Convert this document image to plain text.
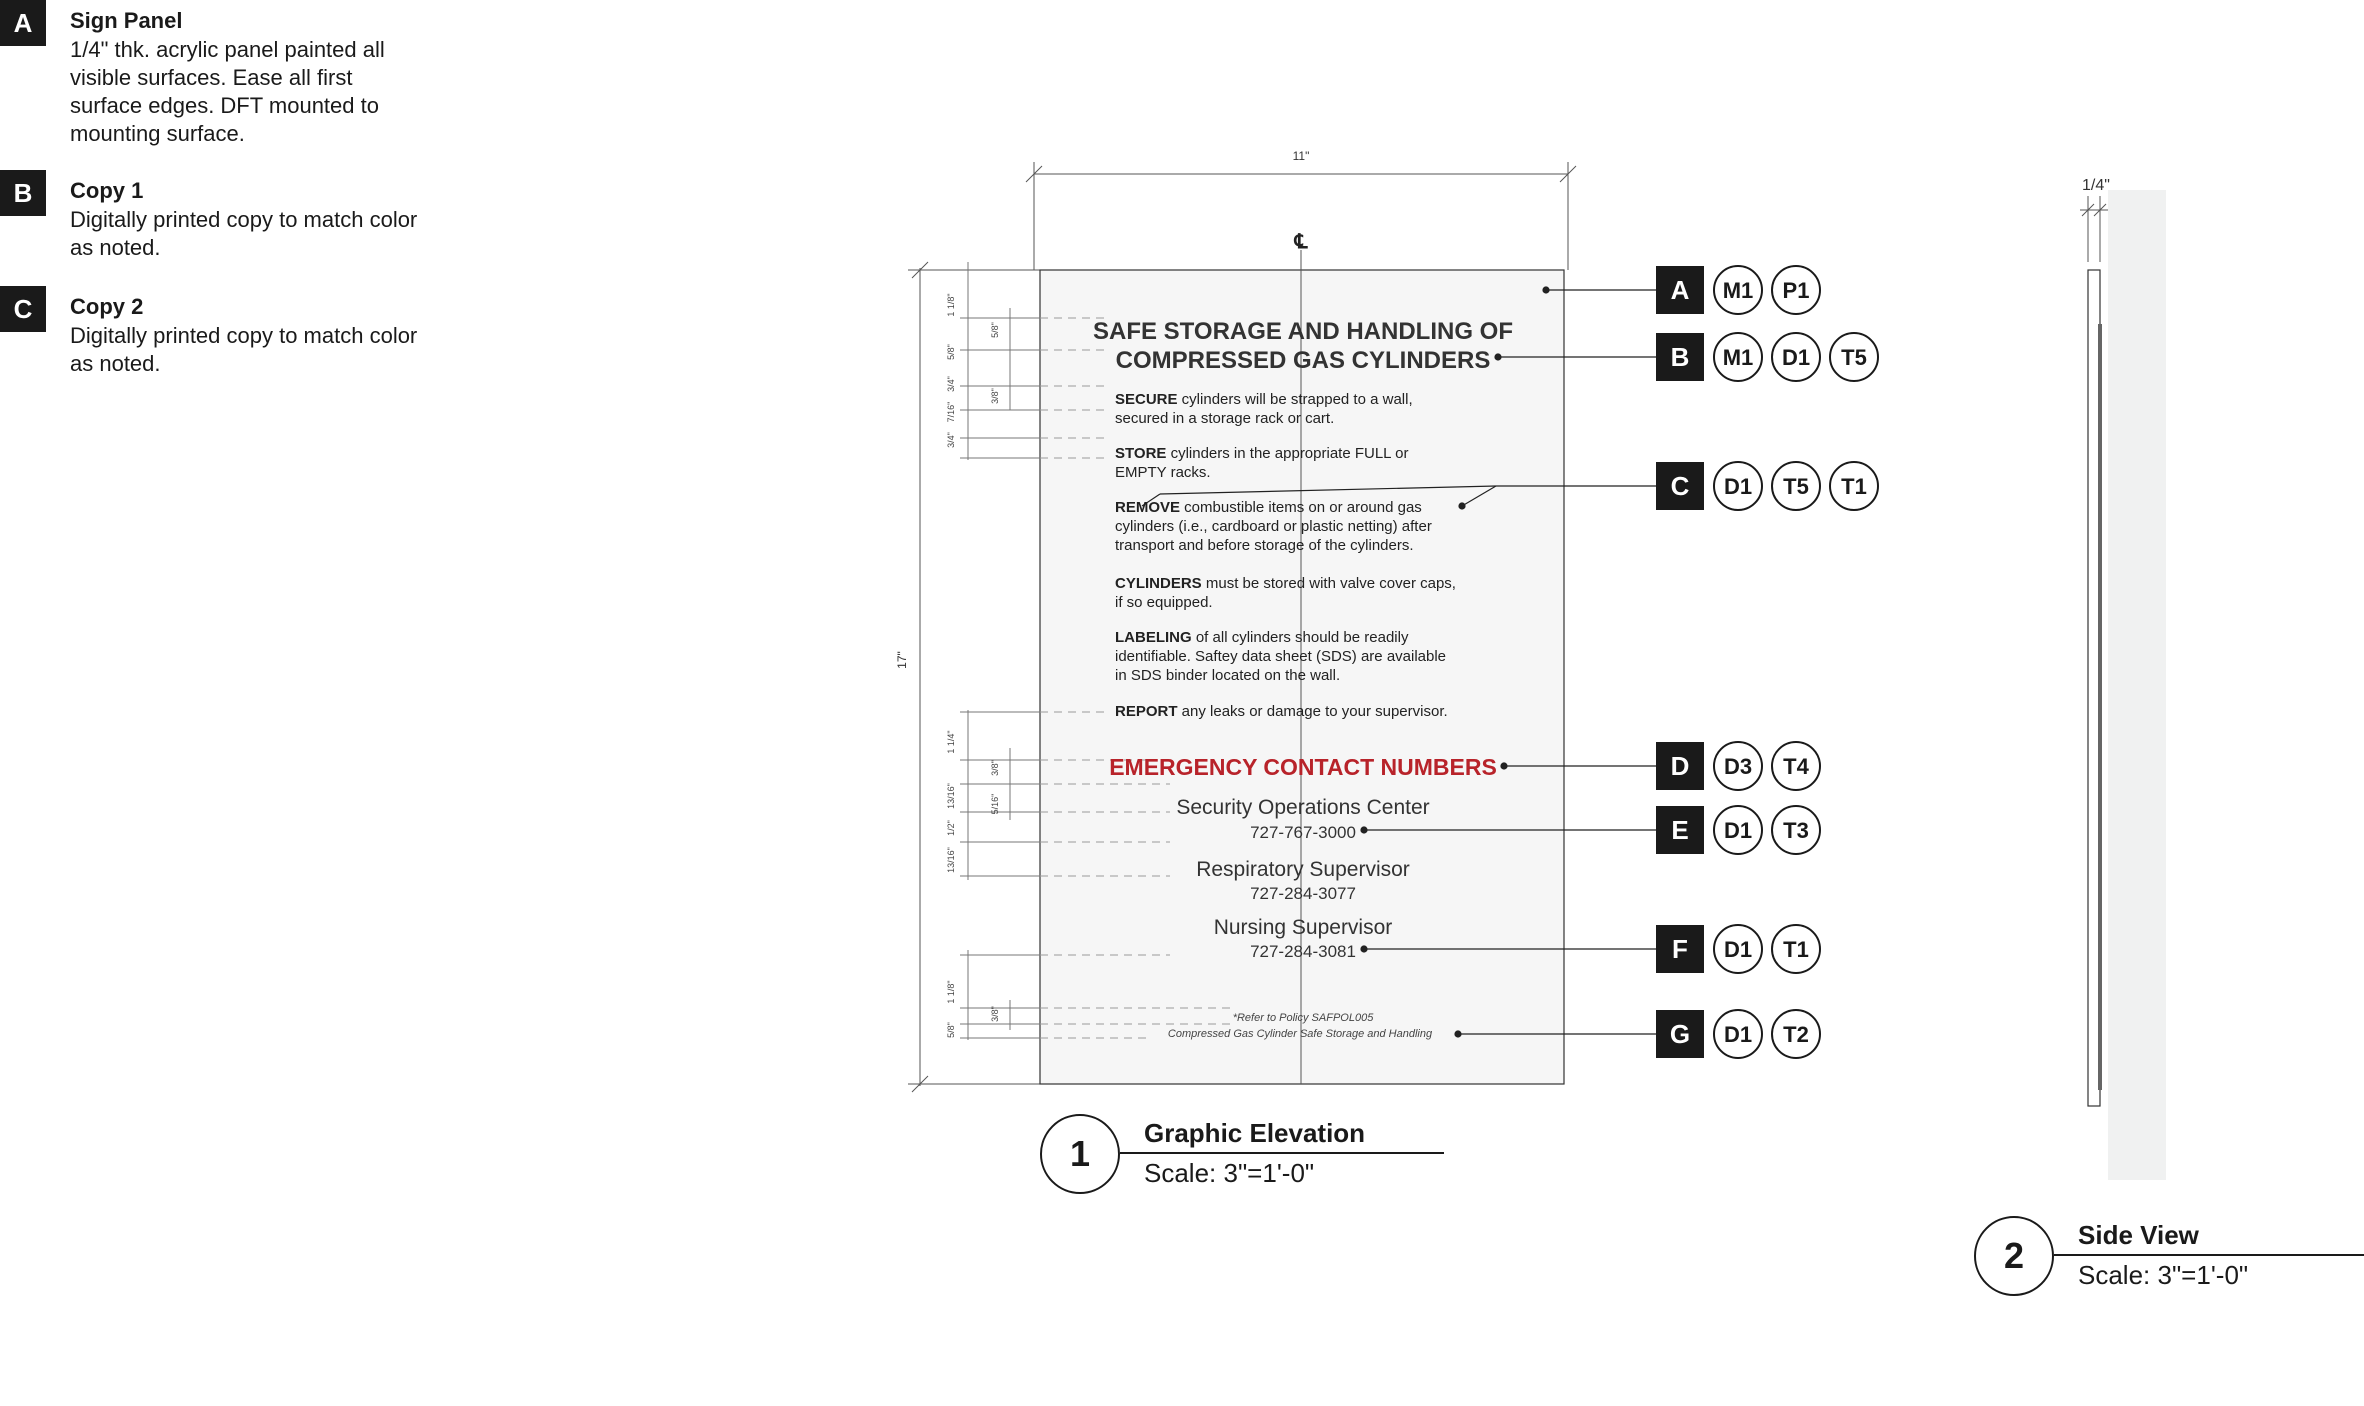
A	Sign Panel
1/4" thk. acrylic panel painted all visible surfaces. Ease all first surface edges. DFT mounted to mounting surface.
B	Copy 1
Digitally printed copy to match color as noted.
C	Copy 2
Digitally printed copy to match color as noted.
11"
17"
℄
1 1/8"
5/8"
5/8"
3/4"
3/8"
7/16"
3/4"
1 1/4"
3/8"
13/16"	5/16"
1/2"
13/16"
1 1/8"
3/8"
5/8"
SAFE STORAGE AND HANDLING OF
COMPRESSED GAS CYLINDERS
SECURE cylinders will be strapped to a wall,
secured in a storage rack or cart.
STORE cylinders in the appropriate FULL or
EMPTY racks.
REMOVE combustible items on or around gas
cylinders (i.e., cardboard or plastic netting) after
transport and before storage of the cylinders.
CYLINDERS must be stored with valve cover caps,
if so equipped.
LABELING of all cylinders should be readily
identifiable. Saftey data sheet (SDS) are available
in SDS binder located on the wall.
REPORT any leaks or damage to your supervisor.
EMERGENCY CONTACT NUMBERS
Security Operations Center
727-767-3000
Respiratory Supervisor
727-284-3077
Nursing Supervisor
727-284-3081
*Refer to Policy SAFPOL005
Compressed Gas Cylinder Safe Storage and Handling
A M1 P1
B M1 D1 T5
C D1 T5 T1
D D3 T4
E D1 T3
F D1 T1
G D1 T2
1/4"
1	Graphic Elevation
Scale: 3"=1'-0"
2	Side View
Scale: 3"=1'-0"
